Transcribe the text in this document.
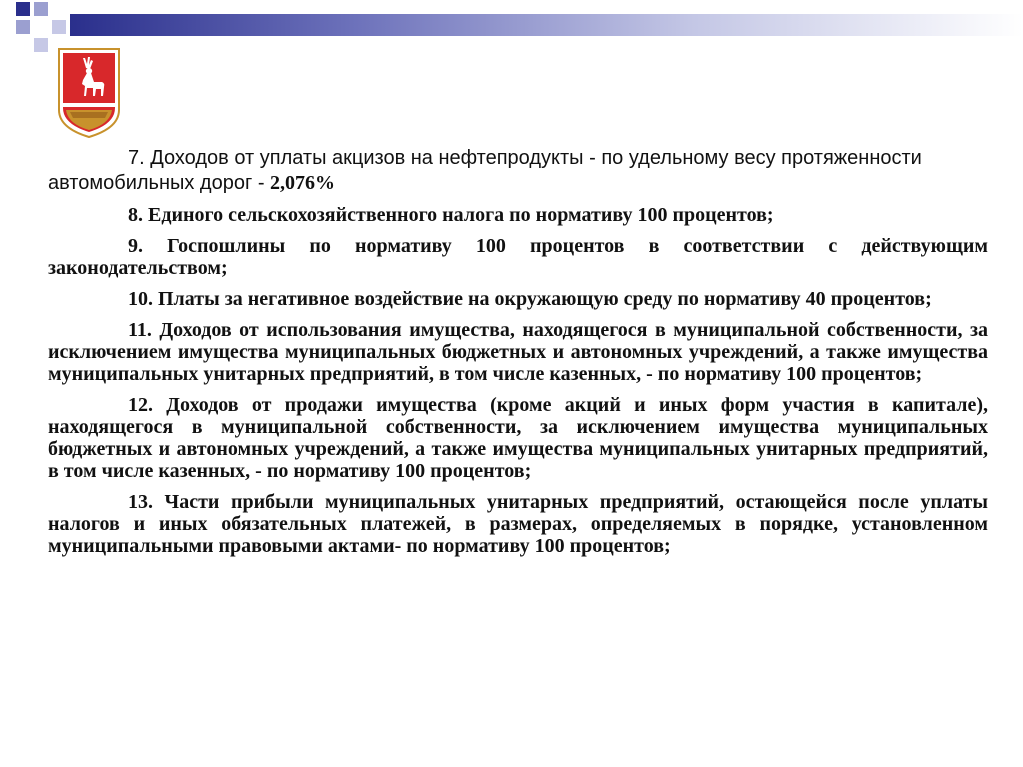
7. Доходов от уплаты акцизов на нефтепродукты - по удельному весу протяженности автомобильных дорог - 2,076%

8. Единого сельскохозяйственного налога по нормативу 100 процентов;

9. Госпошлины по нормативу 100 процентов в соответствии с действующим законодательством;

10. Платы за негативное воздействие на окружающую среду по нормативу 40 процентов;

11. Доходов от использования имущества, находящегося в муниципальной собственности, за исключением имущества муниципальных бюджетных и автономных учреждений, а также имущества муниципальных унитарных предприятий, в том числе казенных, - по нормативу 100 процентов;

12. Доходов от продажи имущества (кроме акций и иных форм участия в капитале), находящегося в муниципальной собственности, за исключением имущества муниципальных бюджетных и автономных учреждений, а также имущества муниципальных унитарных предприятий, в том числе казенных, - по нормативу 100 процентов;

13. Части прибыли муниципальных унитарных предприятий, остающейся после уплаты налогов и иных обязательных платежей, в размерах, определяемых в порядке, установленном муниципальными правовыми актами- по нормативу 100 процентов;
